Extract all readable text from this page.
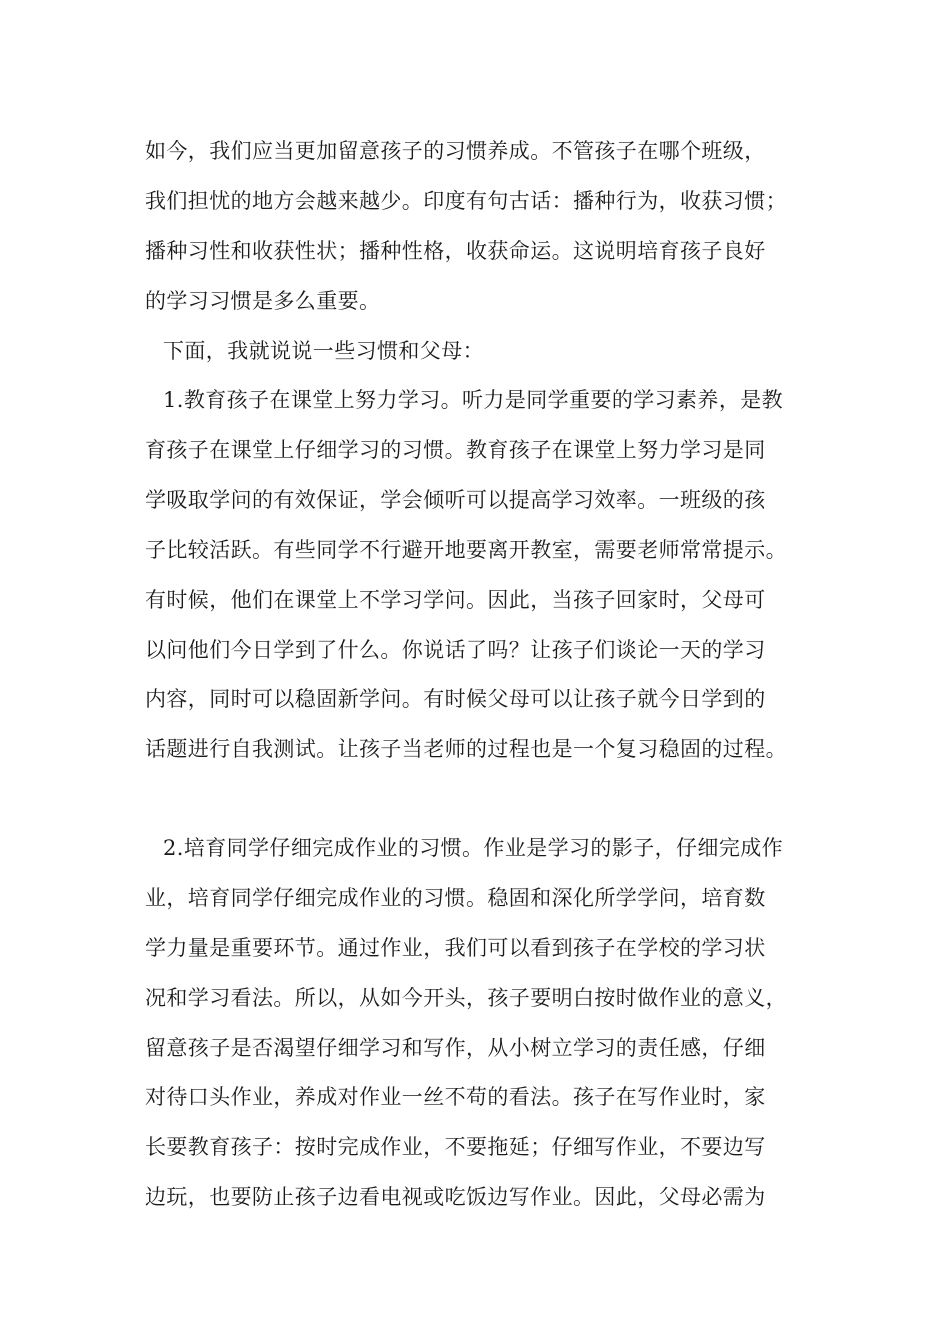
如今，我们应当更加留意孩子的习惯养成。不管孩子在哪个班级，
我们担忧的地方会越来越少。印度有句古话：播种行为，收获习惯；
播种习性和收获性状；播种性格，收获命运。这说明培育孩子良好
的学习习惯是多么重要。
下面，我就说说一些习惯和父母：
1.教育孩子在课堂上努力学习。听力是同学重要的学习素养，是教
育孩子在课堂上仔细学习的习惯。教育孩子在课堂上努力学习是同
学吸取学问的有效保证，学会倾听可以提高学习效率。一班级的孩
子比较活跃。有些同学不行避开地要离开教室，需要老师常常提示。
有时候，他们在课堂上不学习学问。因此，当孩子回家时，父母可
以问他们今日学到了什么。你说话了吗？让孩子们谈论一天的学习
内容，同时可以稳固新学问。有时候父母可以让孩子就今日学到的
话题进行自我测试。让孩子当老师的过程也是一个复习稳固的过程。
2.培育同学仔细完成作业的习惯。作业是学习的影子，仔细完成作
业，培育同学仔细完成作业的习惯。稳固和深化所学学问，培育数
学力量是重要环节。通过作业，我们可以看到孩子在学校的学习状
况和学习看法。所以，从如今开头，孩子要明白按时做作业的意义，
留意孩子是否渴望仔细学习和写作，从小树立学习的责任感，仔细
对待口头作业，养成对作业一丝不苟的看法。孩子在写作业时，家
长要教育孩子：按时完成作业，不要拖延；仔细写作业，不要边写
边玩，也要防止孩子边看电视或吃饭边写作业。因此，父母必需为
